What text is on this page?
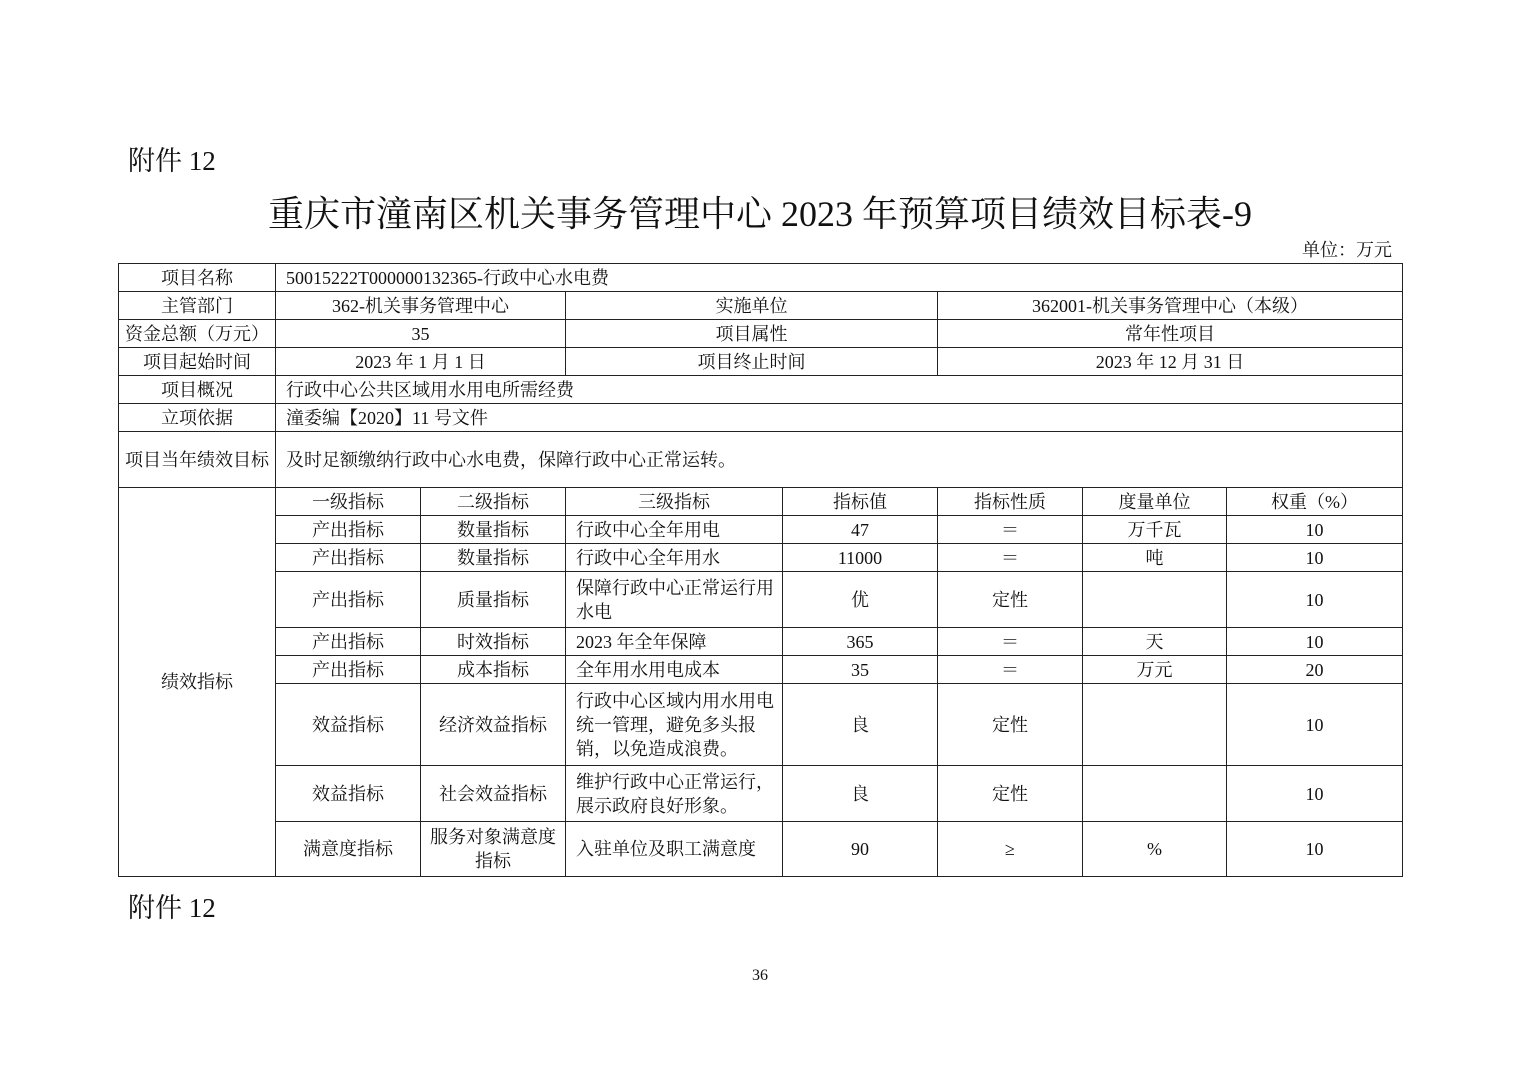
附件 12
重庆市潼南区机关事务管理中心 2023 年预算项目绩效目标表-9
单位：万元
项目名称	50015222T000000132365-行政中心水电费						
主管部门	362-机关事务管理中心		实施单位		362001-机关事务管理中心（本级）		
资金总额（万元）	35		项目属性		常年性项目		
项目起始时间	2023 年 1 月 1 日		项目终止时间		2023 年 12 月 31 日		
项目概况	行政中心公共区域用水用电所需经费						
立项依据	潼委编【2020】11 号文件						
项目当年绩效目标	及时足额缴纳行政中心水电费，保障行政中心正常运转。						
绩效指标	一级指标	二级指标	三级指标	指标值	指标性质	度量单位	权重（%）
	产出指标	数量指标	行政中心全年用电	47	＝	万千瓦	10
	产出指标	数量指标	行政中心全年用水	11000	＝	吨	10
	产出指标	质量指标	保障行政中心正常运行用水电	优	定性		10
	产出指标	时效指标	2023 年全年保障	365	＝	天	10
	产出指标	成本指标	全年用水用电成本	35	＝	万元	20
	效益指标	经济效益指标	行政中心区域内用水用电统一管理，避免多头报销，以免造成浪费。	良	定性		10
	效益指标	社会效益指标	维护行政中心正常运行，展示政府良好形象。	良	定性		10
	满意度指标	服务对象满意度指标	入驻单位及职工满意度	90	≥	%	10
附件 12
36
